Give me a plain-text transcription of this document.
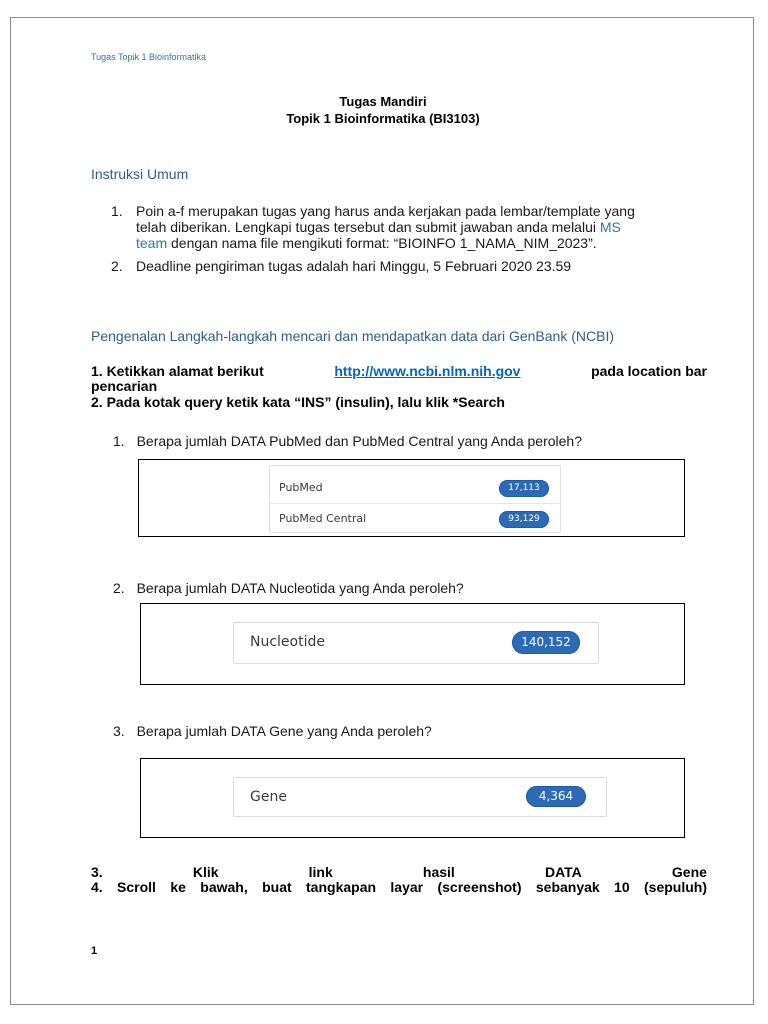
Tugas Topik 1 Bioinformatika
Tugas Mandiri
Topik 1 Bioinformatika (BI3103)
Instruksi Umum
1. Poin a-f merupakan tugas yang harus anda kerjakan pada lembar/template yang
telah diberikan. Lengkapi tugas tersebut dan submit jawaban anda melalui MS
team dengan nama file mengikuti format: “BIOINFO 1_NAMA_NIM_2023”.
2. Deadline pengiriman tugas adalah hari Minggu, 5 Februari 2020 23.59
Pengenalan Langkah-langkah mencari dan mendapatkan data dari GenBank (NCBI)
1. Ketikkan alamat berikut	http://www.ncbi.nlm.nih.gov	pada location bar
pencarian
2. Pada kotak query ketik kata “INS” (insulin), lalu klik *Search
1. Berapa jumlah DATA PubMed dan PubMed Central yang Anda peroleh?
PubMed	17,113
PubMed Central	93,129
2. Berapa jumlah DATA Nucleotida yang Anda peroleh?
Nucleotide	140,152
3. Berapa jumlah DATA Gene yang Anda peroleh?
Gene	4,364
3.	Klik	link	hasil	DATA	Gene
4. Scroll ke bawah, buat tangkapan layar (screenshot) sebanyak 10 (sepuluh)
1
